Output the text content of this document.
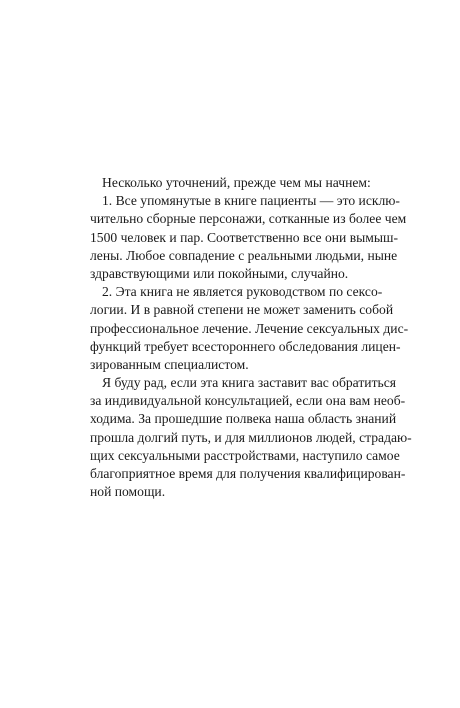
Несколько уточнений, прежде чем мы начнем:
1. Все упомянутые в книге пациенты — это исклю-
чительно сборные персонажи, сотканные из более чем
1500 человек и пар. Соответственно все они вымыш-
лены. Любое совпадение с реальными людьми, ныне
здравствующими или покойными, случайно.
2. Эта книга не является руководством по сексо-
логии. И в равной степени не может заменить собой
профессиональное лечение. Лечение сексуальных дис-
функций требует всестороннего обследования лицен-
зированным специалистом.
Я буду рад, если эта книга заставит вас обратиться
за индивидуальной консультацией, если она вам необ-
ходима. За прошедшие полвека наша область знаний
прошла долгий путь, и для миллионов людей, страдаю-
щих сексуальными расстройствами, наступило самое
благоприятное время для получения квалифицирован-
ной помощи.
